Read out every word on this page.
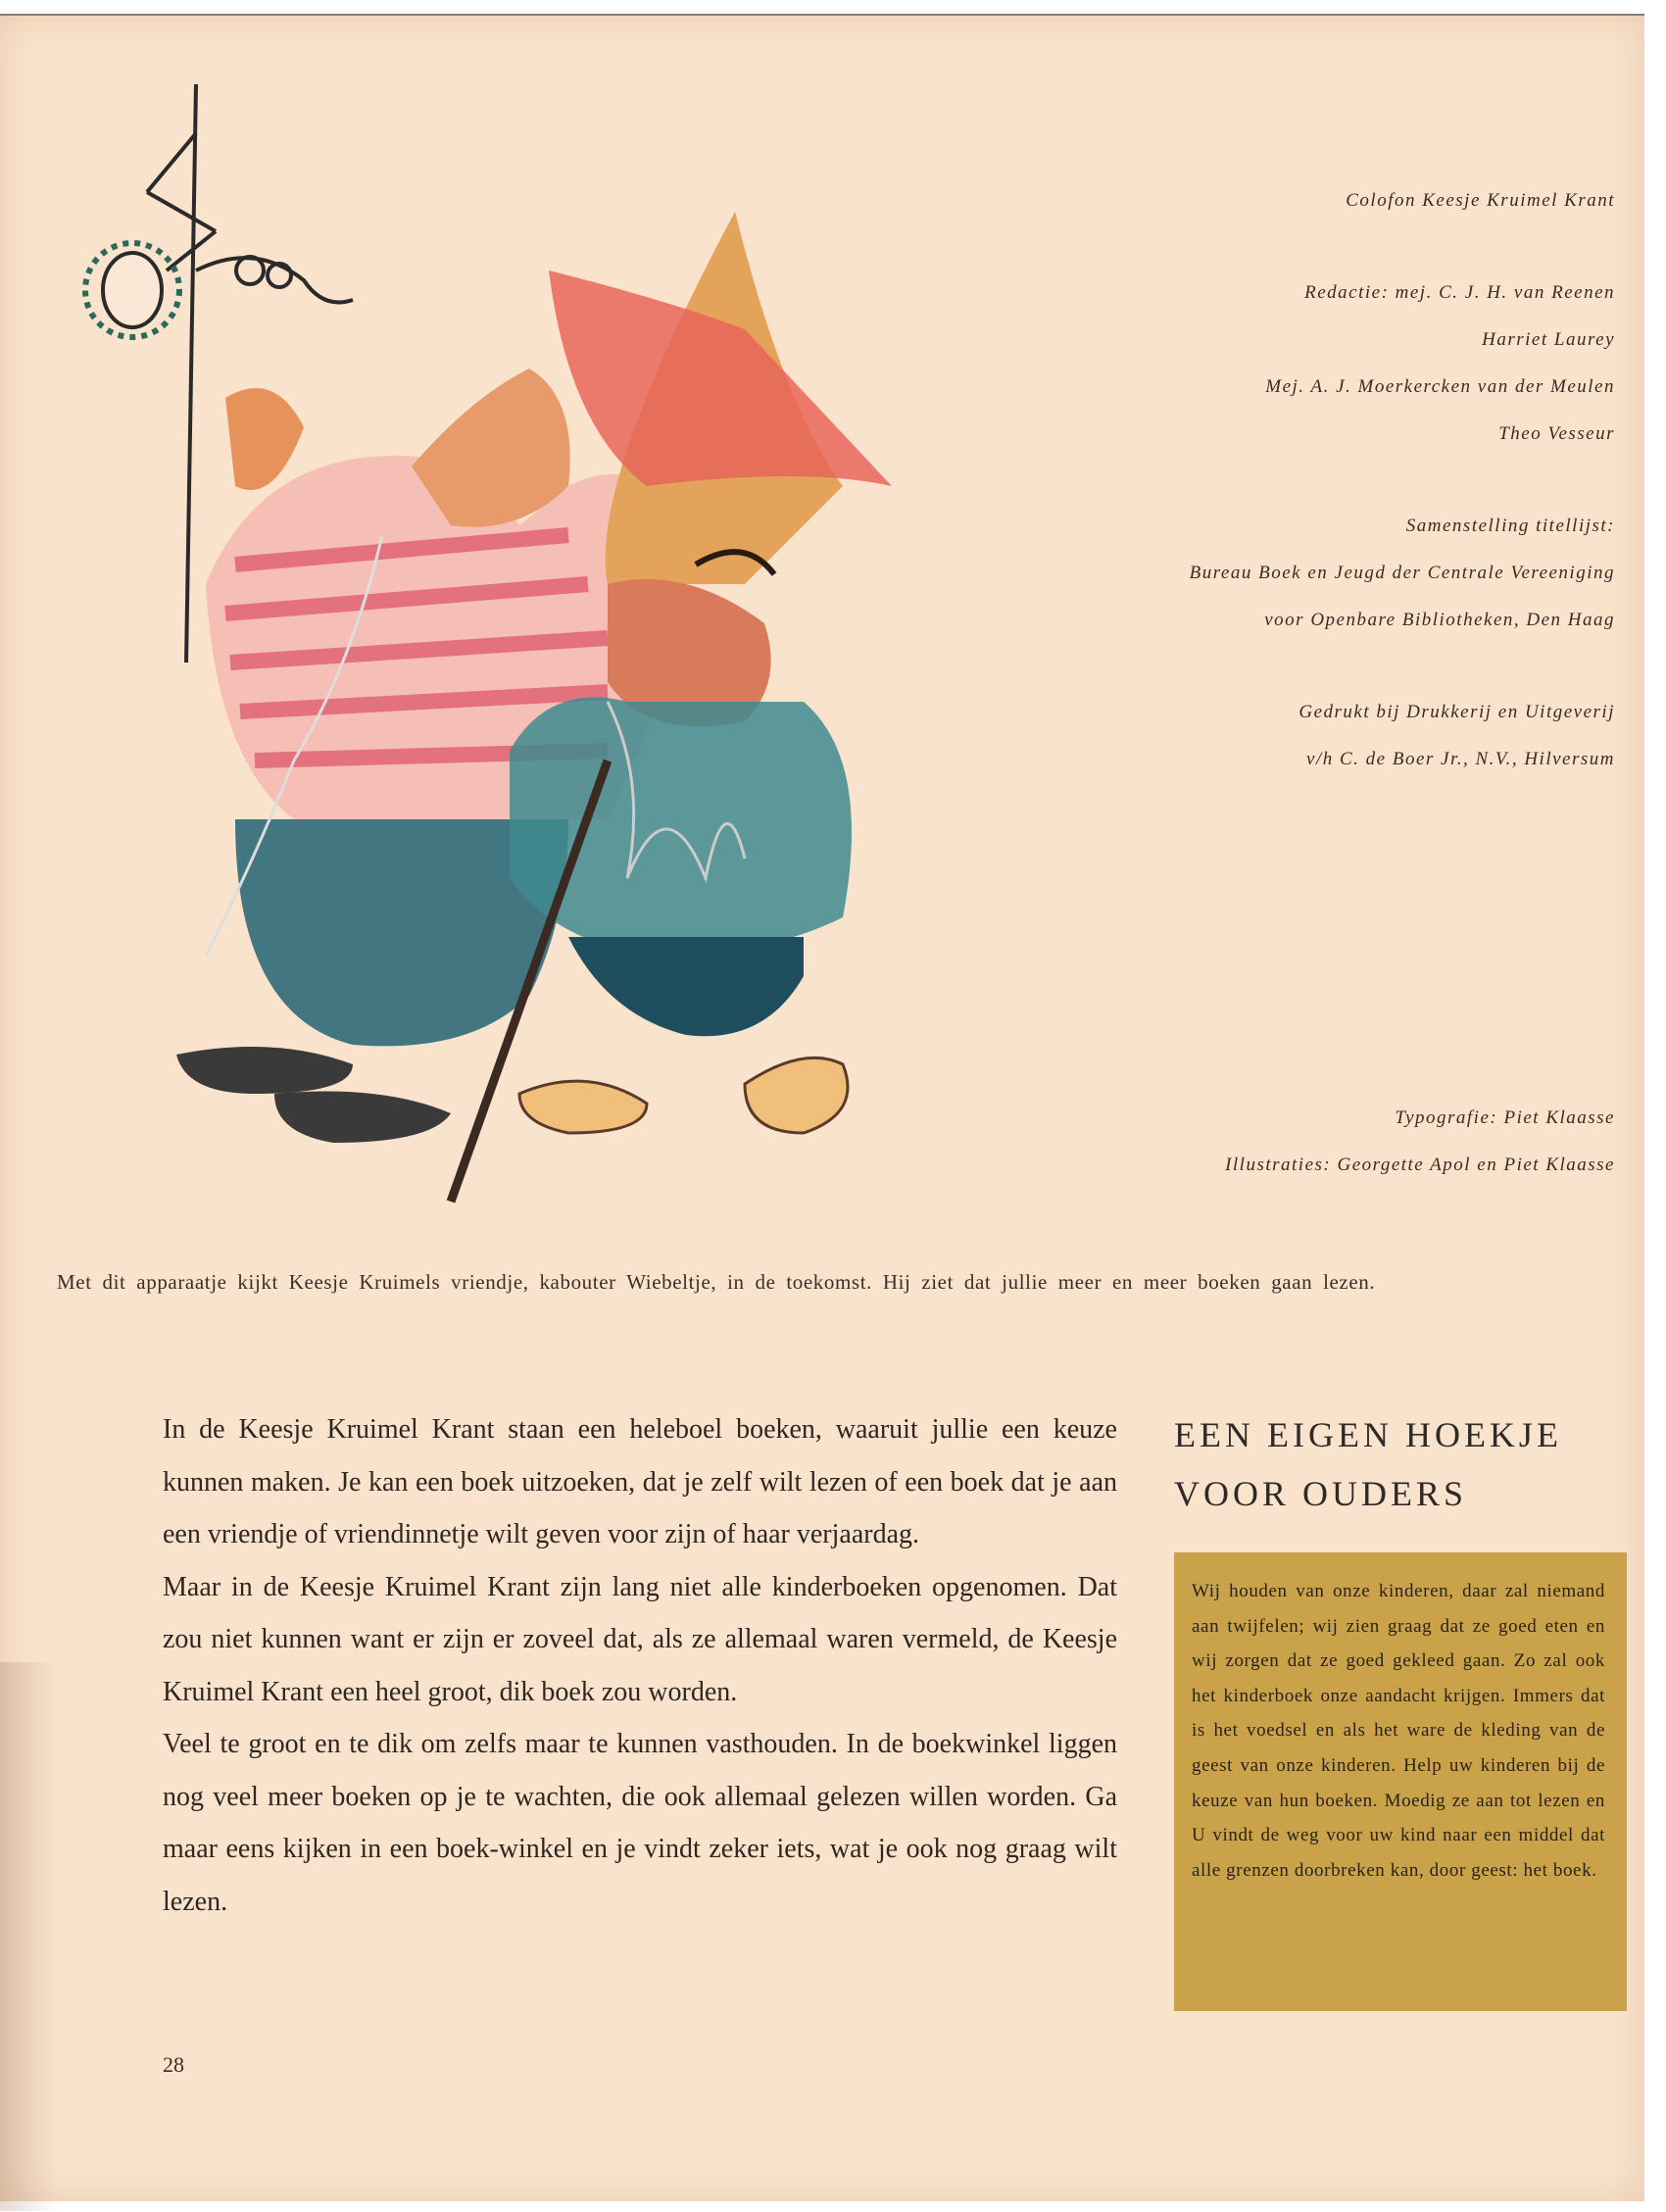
Colofon Keesje Kruimel Krant

Redactie: mej. C. J. H. van Reenen

Harriet Laurey

Mej. A. J. Moerkercken van der Meulen

Theo Vesseur

Samenstelling titellijst:

Bureau Boek en Jeugd der Centrale Vereeniging

voor Openbare Bibliotheken, Den Haag

Gedrukt bij Drukkerij en Uitgeverij

v/h C. de Boer Jr., N.V., Hilversum

Typografie: Piet Klaasse

Illustraties: Georgette Apol en Piet Klaasse

Met dit apparaatje kijkt Keesje Kruimels vriendje, kabouter Wiebeltje, in de toekomst. Hij ziet dat jullie meer en meer boeken gaan lezen.

In de Keesje Kruimel Krant staan een heleboel boeken, waaruit jullie een keuze kunnen maken. Je kan een boek uitzoeken, dat je zelf wilt lezen of een boek dat je aan een vriendje of vriendinnetje wilt geven voor zijn of haar verjaardag.

Maar in de Keesje Kruimel Krant zijn lang niet alle kinderboeken opgenomen. Dat zou niet kunnen want er zijn er zoveel dat, als ze allemaal waren vermeld, de Keesje Kruimel Krant een heel groot, dik boek zou worden.

Veel te groot en te dik om zelfs maar te kunnen vasthouden. In de boekwinkel liggen nog veel meer boeken op je te wachten, die ook allemaal gelezen willen worden. Ga maar eens kijken in een boek-winkel en je vindt zeker iets, wat je ook nog graag wilt lezen.

EEN EIGEN HOEKJE
VOOR OUDERS
Wij houden van onze kinderen, daar zal niemand aan twijfelen; wij zien graag dat ze goed eten en wij zorgen dat ze goed gekleed gaan. Zo zal ook het kinderboek onze aandacht krijgen. Immers dat is het voedsel en als het ware de kleding van de geest van onze kinderen. Help uw kinderen bij de keuze van hun boeken. Moedig ze aan tot lezen en U vindt de weg voor uw kind naar een middel dat alle grenzen doorbreken kan, door geest: het boek.
28
